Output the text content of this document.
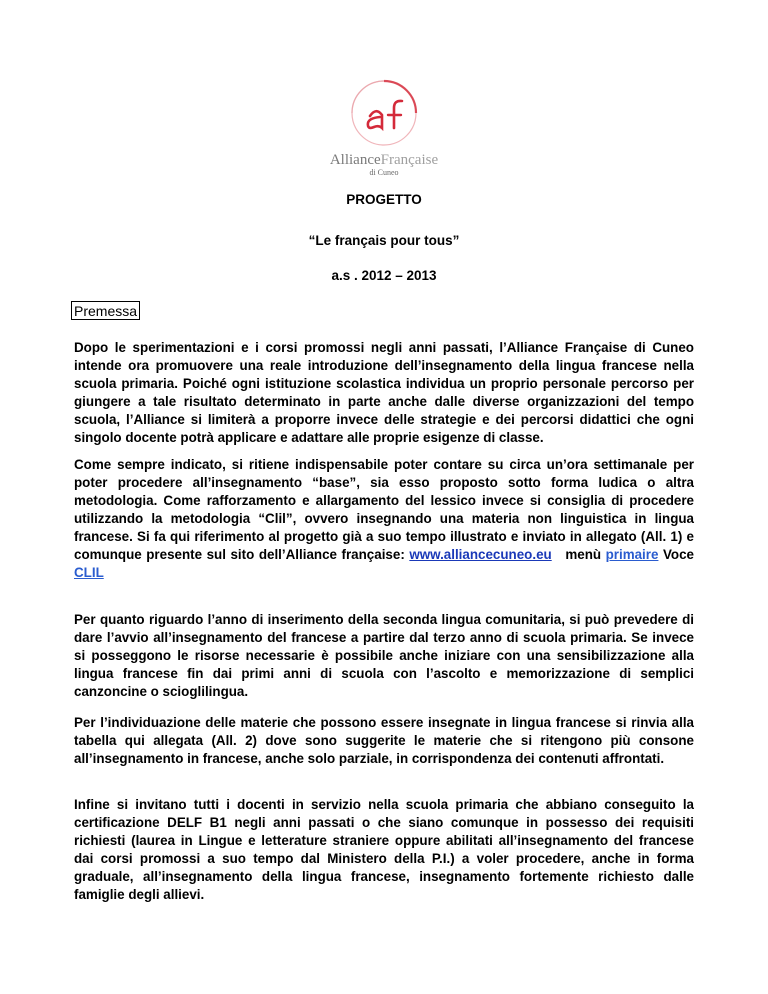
AllianceFrançaise
di Cuneo
PROGETTO
“Le français pour tous”
a.s . 2012 – 2013
Premessa

Dopo le sperimentazioni e i corsi promossi negli anni passati, l’Alliance Française di Cuneo intende ora promuovere una reale introduzione dell’insegnamento della lingua francese nella scuola primaria. Poiché ogni istituzione scolastica individua un proprio personale percorso per giungere a tale risultato determinato in parte anche dalle diverse organizzazioni del tempo scuola, l’Alliance si limiterà a proporre invece delle strategie e dei percorsi didattici che ogni singolo docente potrà applicare e adattare alle proprie esigenze di classe.

Come sempre indicato, si ritiene indispensabile poter contare su circa un’ora settimanale per poter procedere all’insegnamento “base”, sia esso proposto sotto forma ludica o altra metodologia. Come rafforzamento e allargamento del lessico invece si consiglia di procedere utilizzando la metodologia “Clil”, ovvero insegnando una materia non linguistica in lingua francese. Si fa qui riferimento al progetto già a suo tempo illustrato e inviato in allegato (All. 1) e comunque presente sul sito dell’Alliance française: www.alliancecuneo.eu   menù primaire Voce CLIL

Per quanto riguardo l’anno di inserimento della seconda lingua comunitaria, si può prevedere di dare l’avvio all’insegnamento del francese a partire dal terzo anno di scuola primaria. Se invece si posseggono le risorse necessarie è possibile anche iniziare con una sensibilizzazione alla lingua francese fin dai primi anni di scuola con l’ascolto e memorizzazione di semplici canzoncine o scioglilingua.

Per l’individuazione delle materie che possono essere insegnate in lingua francese si rinvia alla tabella qui allegata (All. 2) dove sono suggerite le materie che si ritengono più consone all’insegnamento in francese, anche solo parziale, in corrispondenza dei contenuti affrontati.

Infine si invitano tutti i docenti in servizio nella scuola primaria che abbiano conseguito la certificazione DELF B1 negli anni passati o che siano comunque in possesso dei requisiti richiesti (laurea in Lingue e letterature straniere oppure abilitati all’insegnamento del francese dai corsi promossi a suo tempo dal Ministero della P.I.) a voler procedere, anche in forma graduale, all’insegnamento della lingua francese, insegnamento fortemente richiesto dalle famiglie degli allievi.
